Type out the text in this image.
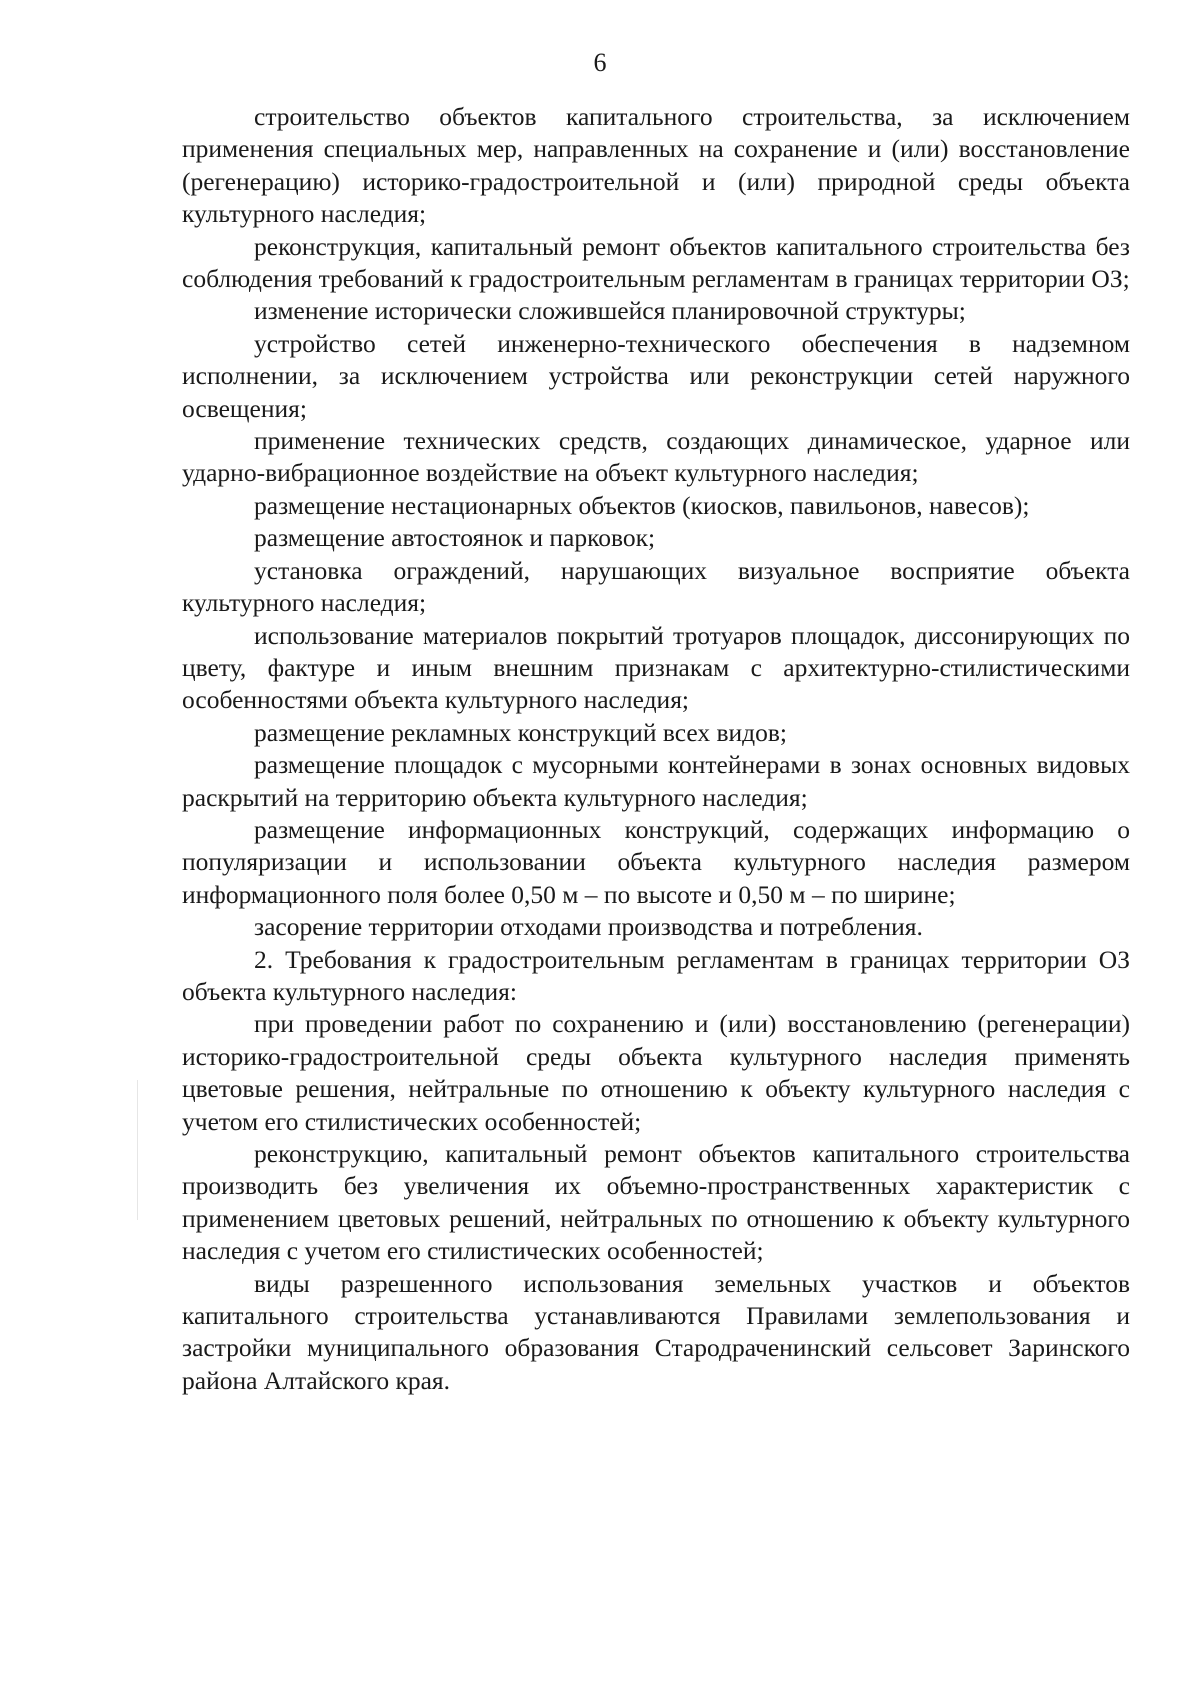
6

строительство объектов капитального строительства, за исключением применения специальных мер, направленных на сохранение и (или) восстановление (регенерацию) историко-градостроительной и (или) природной среды объекта культурного наследия;

реконструкция, капитальный ремонт объектов капитального строительства без соблюдения требований к градостроительным регламентам в границах территории ОЗ;

изменение исторически сложившейся планировочной структуры;

устройство сетей инженерно-технического обеспечения в надземном исполнении, за исключением устройства или реконструкции сетей наружного освещения;

применение технических средств, создающих динамическое, ударное или ударно-вибрационное воздействие на объект культурного наследия;

размещение нестационарных объектов (киосков, павильонов, навесов);

размещение автостоянок и парковок;

установка ограждений, нарушающих визуальное восприятие объекта культурного наследия;

использование материалов покрытий тротуаров площадок, диссонирующих по цвету, фактуре и иным внешним признакам с архитектурно-стилистическими особенностями объекта культурного наследия;

размещение рекламных конструкций всех видов;

размещение площадок с мусорными контейнерами в зонах основных видовых раскрытий на территорию объекта культурного наследия;

размещение информационных конструкций, содержащих информацию о популяризации и использовании объекта культурного наследия размером информационного поля более 0,50 м – по высоте и 0,50 м – по ширине;

засорение территории отходами производства и потребления.

2. Требования к градостроительным регламентам в границах территории ОЗ объекта культурного наследия:

при проведении работ по сохранению и (или) восстановлению (регенерации) историко-градостроительной среды объекта культурного наследия применять цветовые решения, нейтральные по отношению к объекту культурного наследия с учетом его стилистических особенностей;

реконструкцию, капитальный ремонт объектов капитального строительства производить без увеличения их объемно-пространственных характеристик с применением цветовых решений, нейтральных по отношению к объекту культурного наследия с учетом его стилистических особенностей;

виды разрешенного использования земельных участков и объектов капитального строительства устанавливаются Правилами землепользования и застройки муниципального образования Стародраченинский сельсовет Заринского района Алтайского края.
